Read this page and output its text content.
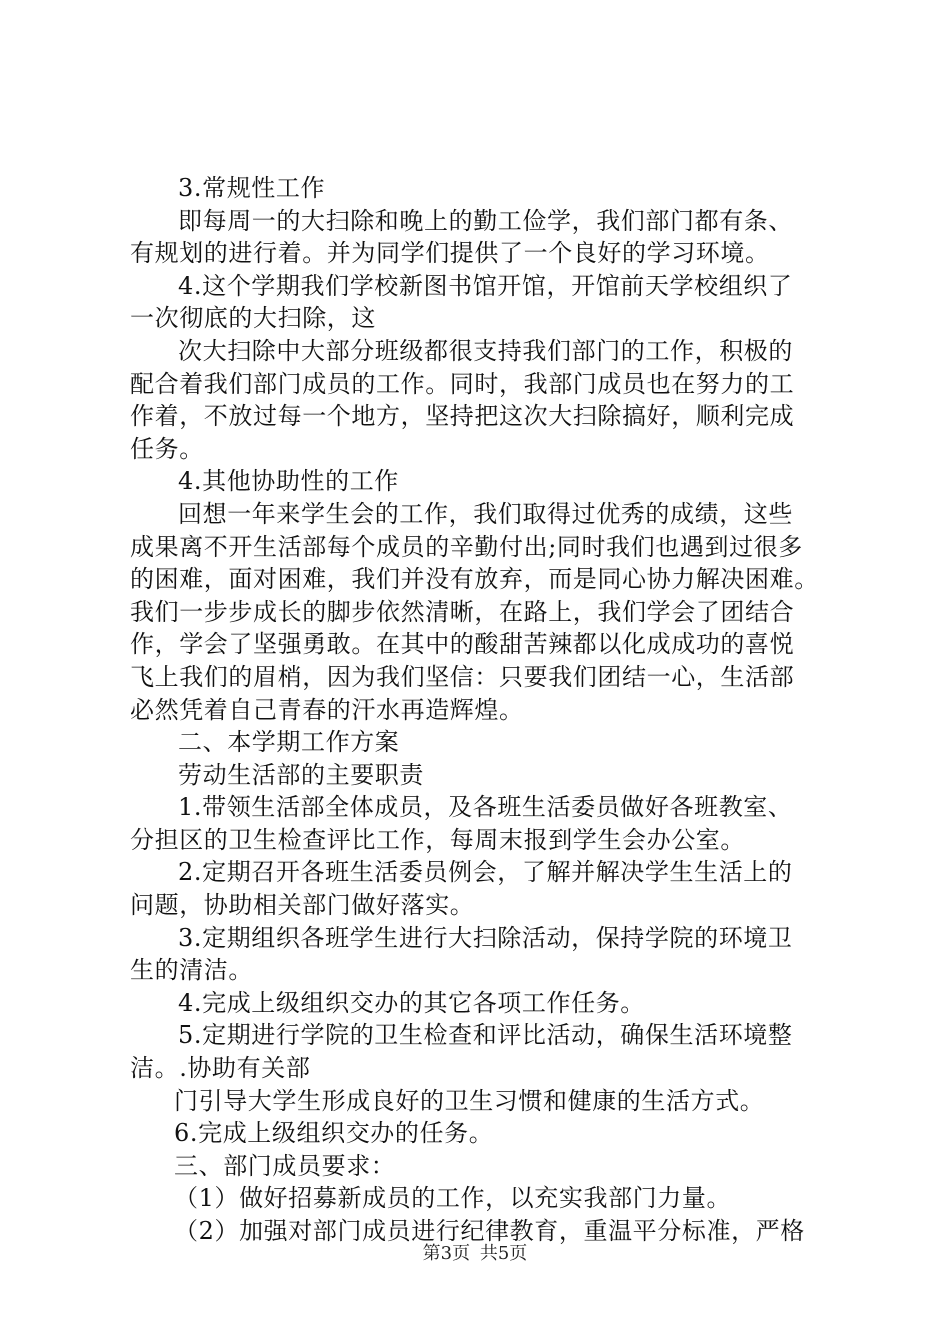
3.常规性工作
即每周一的大扫除和晚上的勤工俭学，我们部门都有条、
有规划的进行着。并为同学们提供了一个良好的学习环境。
4.这个学期我们学校新图书馆开馆，开馆前天学校组织了
一次彻底的大扫除，这
次大扫除中大部分班级都很支持我们部门的工作，积极的
配合着我们部门成员的工作。同时，我部门成员也在努力的工
作着，不放过每一个地方，坚持把这次大扫除搞好，顺利完成
任务。
4.其他协助性的工作
回想一年来学生会的工作，我们取得过优秀的成绩，这些
成果离不开生活部每个成员的辛勤付出;同时我们也遇到过很多
的困难，面对困难，我们并没有放弃，而是同心协力解决困难。
我们一步步成长的脚步依然清晰，在路上，我们学会了团结合
作，学会了坚强勇敢。在其中的酸甜苦辣都以化成成功的喜悦
飞上我们的眉梢，因为我们坚信：只要我们团结一心，生活部
必然凭着自己青春的汗水再造辉煌。
二、本学期工作方案
劳动生活部的主要职责
1.带领生活部全体成员，及各班生活委员做好各班教室、
分担区的卫生检查评比工作，每周末报到学生会办公室。
2.定期召开各班生活委员例会，了解并解决学生生活上的
问题，协助相关部门做好落实。
3.定期组织各班学生进行大扫除活动，保持学院的环境卫
生的清洁。
4.完成上级组织交办的其它各项工作任务。
5.定期进行学院的卫生检查和评比活动，确保生活环境整
洁。.协助有关部
门引导大学生形成良好的卫生习惯和健康的生活方式。
6.完成上级组织交办的任务。
三、部门成员要求：
（1）做好招募新成员的工作，以充实我部门力量。
（2）加强对部门成员进行纪律教育，重温平分标准，严格
第3页 共5页
